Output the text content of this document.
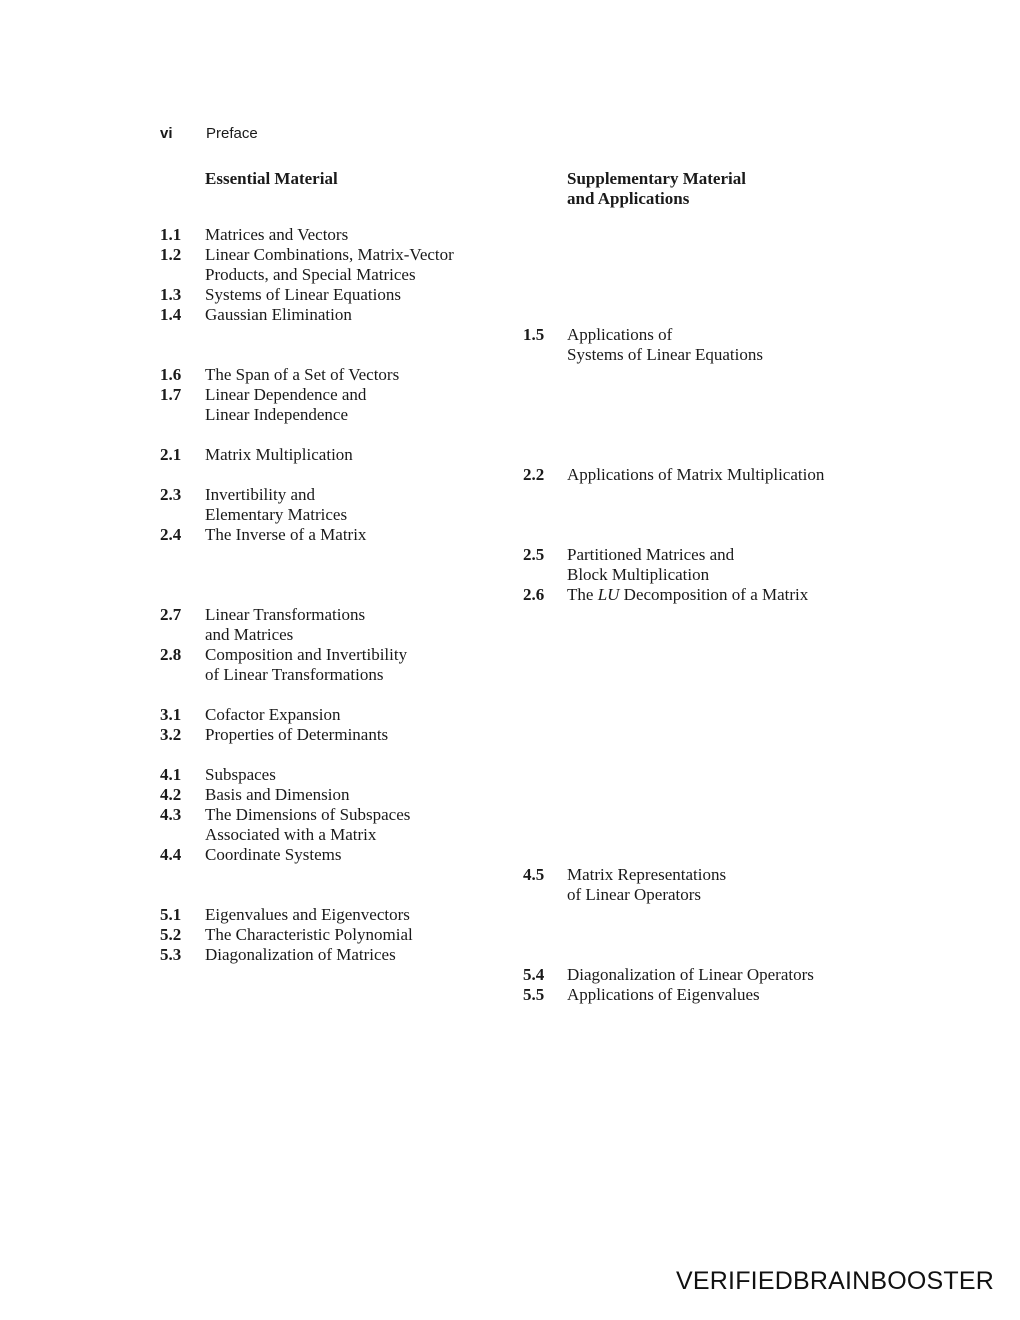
vi Preface
Essential Material	Supplementary Material
and Applications
1.1 Matrices and Vectors
1.2 Linear Combinations, Matrix-Vector
Products, and Special Matrices
1.3 Systems of Linear Equations
1.4 Gaussian Elimination
1.6 The Span of a Set of Vectors
1.7 Linear Dependence and
Linear Independence
2.1 Matrix Multiplication
2.3 Invertibility and
Elementary Matrices
2.4 The Inverse of a Matrix
2.7 Linear Transformations
and Matrices
2.8 Composition and Invertibility
of Linear Transformations
3.1 Cofactor Expansion
3.2 Properties of Determinants
4.1 Subspaces
4.2 Basis and Dimension
4.3 The Dimensions of Subspaces
Associated with a Matrix
4.4 Coordinate Systems
5.1 Eigenvalues and Eigenvectors
5.2 The Characteristic Polynomial
5.3 Diagonalization of Matrices
1.5 Applications of
Systems of Linear Equations
2.2 Applications of Matrix Multiplication
2.5 Partitioned Matrices and
Block Multiplication
2.6 The LU Decomposition of a Matrix
4.5 Matrix Representations
of Linear Operators
5.4 Diagonalization of Linear Operators
5.5 Applications of Eigenvalues
VERIFIEDBRAINBOOSTER
